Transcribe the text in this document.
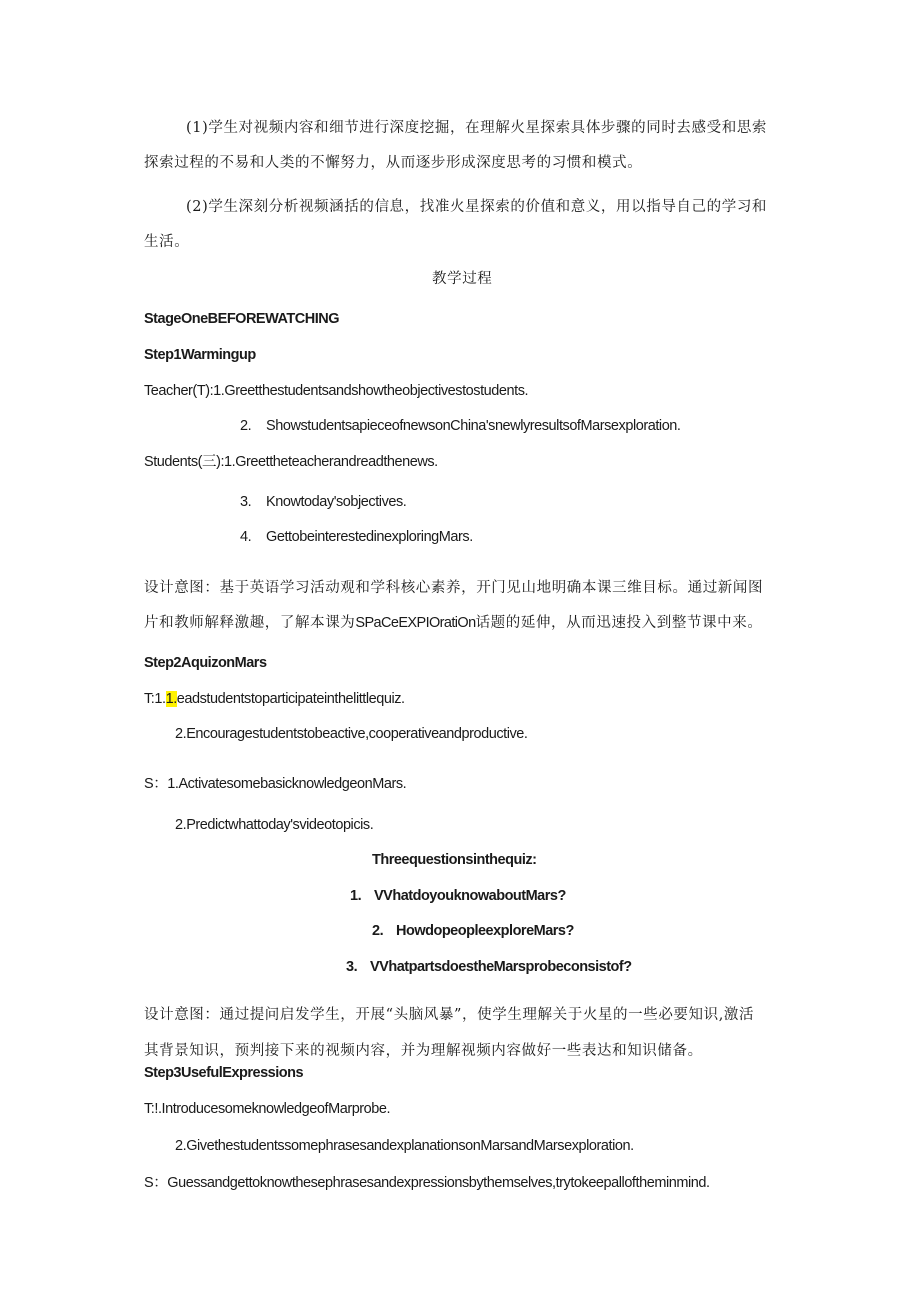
(1)学生对视频内容和细节进行深度挖掘，在理解火星探索具体步骤的同时去感受和思索
探索过程的不易和人类的不懈努力，从而逐步形成深度思考的习惯和模式。
(2)学生深刻分析视频涵括的信息，找准火星探索的价值和意义，用以指导自己的学习和
生活。
教学过程
StageOneBEFOREWATCHING
Step1Warmingup
Teacher(T):1.Greetthestudentsandshowtheobjectivestostudents.
2. ShowstudentsapieceofnewsonChina'snewlyresultsofMarsexploration.
Students(三):1.Greettheteacherandreadthenews.
3. Knowtoday'sobjectives.
4. GettobeinterestedinexploringMars.
设计意图：基于英语学习活动观和学科核心素养，开门见山地明确本课三维目标。通过新闻图
片和教师解释激趣，了解本课为SPaCeEXPIOratiOn话题的延伸，从而迅速投入到整节课中来。
Step2AquizonMars
T:1.1.eadstudentstoparticipateinthelittlequiz.
2.Encouragestudentstobeactive,cooperativeandproductive.
S：1.ActivatesomebasicknowledgeonMars.
2.Predictwhattoday'svideotopicis.
Threequestionsinthequiz:
1. VVhatdoyouknowaboutMars?
2. HowdopeopleexploreMars?
3. VVhatpartsdoestheMarsprobeconsistof?
设计意图：通过提问启发学生，开展“头脑风暴”，使学生理解关于火星的一些必要知识,激活
其背景知识，预判接下来的视频内容，并为理解视频内容做好一些表达和知识储备。
Step3UsefulExpressions
T:!.IntroducesomeknowledgeofMarprobe.
2.GivethestudentssomephrasesandexplanationsonMarsandMarsexploration.
S：Guessandgettoknowthesephrasesandexpressionsbythemselves,trytokeepalloftheminmind.
